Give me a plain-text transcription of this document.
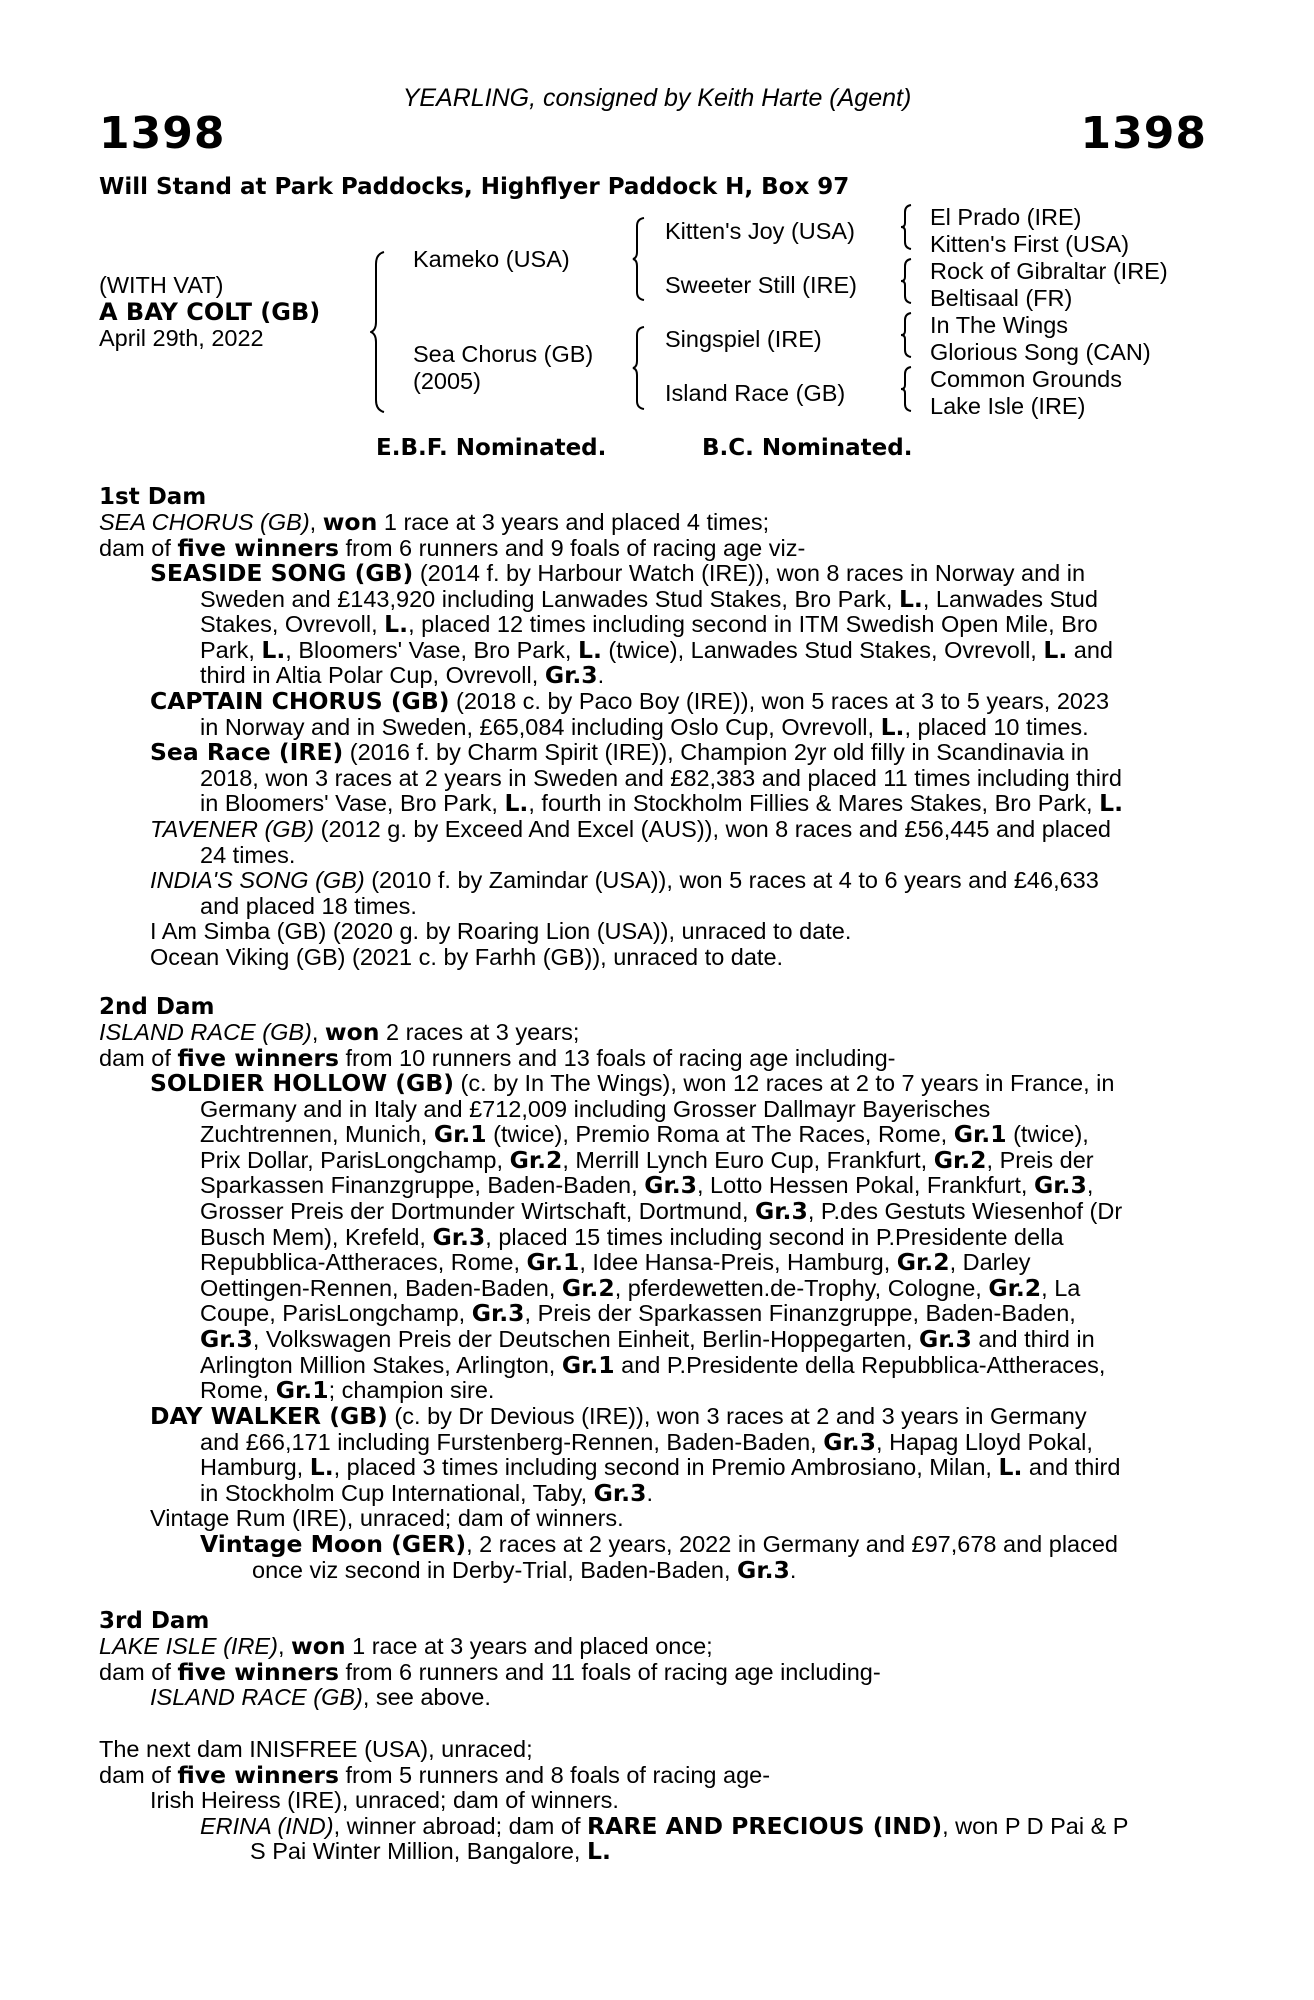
YEARLING, consigned by Keith Harte (Agent)
1398	1398
Will Stand at Park Paddocks, Highflyer Paddock H, Box 97
(WITH VAT)
A BAY COLT (GB)
April 29th, 2022
Kameko (USA)
Sea Chorus (GB)
(2005)
Kitten's Joy (USA)
Sweeter Still (IRE)
Singspiel (IRE)
Island Race (GB)
El Prado (IRE)
Kitten's First (USA)
Rock of Gibraltar (IRE)
Beltisaal (FR)
In The Wings
Glorious Song (CAN)
Common Grounds
Lake Isle (IRE)
E.B.F. Nominated.	B.C. Nominated.
1st Dam
SEA CHORUS (GB), won 1 race at 3 years and placed 4 times;
dam of five winners from 6 runners and 9 foals of racing age viz-
SEASIDE SONG (GB) (2014 f. by Harbour Watch (IRE)), won 8 races in Norway and in
Sweden and £143,920 including Lanwades Stud Stakes, Bro Park, L., Lanwades Stud
Stakes, Ovrevoll, L., placed 12 times including second in ITM Swedish Open Mile, Bro
Park, L., Bloomers' Vase, Bro Park, L. (twice), Lanwades Stud Stakes, Ovrevoll, L. and
third in Altia Polar Cup, Ovrevoll, Gr.3.
CAPTAIN CHORUS (GB) (2018 c. by Paco Boy (IRE)), won 5 races at 3 to 5 years, 2023
in Norway and in Sweden, £65,084 including Oslo Cup, Ovrevoll, L., placed 10 times.
Sea Race (IRE) (2016 f. by Charm Spirit (IRE)), Champion 2yr old filly in Scandinavia in
2018, won 3 races at 2 years in Sweden and £82,383 and placed 11 times including third
in Bloomers' Vase, Bro Park, L., fourth in Stockholm Fillies & Mares Stakes, Bro Park, L.
TAVENER (GB) (2012 g. by Exceed And Excel (AUS)), won 8 races and £56,445 and placed
24 times.
INDIA'S SONG (GB) (2010 f. by Zamindar (USA)), won 5 races at 4 to 6 years and £46,633
and placed 18 times.
I Am Simba (GB) (2020 g. by Roaring Lion (USA)), unraced to date.
Ocean Viking (GB) (2021 c. by Farhh (GB)), unraced to date.
2nd Dam
ISLAND RACE (GB), won 2 races at 3 years;
dam of five winners from 10 runners and 13 foals of racing age including-
SOLDIER HOLLOW (GB) (c. by In The Wings), won 12 races at 2 to 7 years in France, in
Germany and in Italy and £712,009 including Grosser Dallmayr Bayerisches
Zuchtrennen, Munich, Gr.1 (twice), Premio Roma at The Races, Rome, Gr.1 (twice),
Prix Dollar, ParisLongchamp, Gr.2, Merrill Lynch Euro Cup, Frankfurt, Gr.2, Preis der
Sparkassen Finanzgruppe, Baden-Baden, Gr.3, Lotto Hessen Pokal, Frankfurt, Gr.3,
Grosser Preis der Dortmunder Wirtschaft, Dortmund, Gr.3, P.des Gestuts Wiesenhof (Dr
Busch Mem), Krefeld, Gr.3, placed 15 times including second in P.Presidente della
Repubblica-Attheraces, Rome, Gr.1, Idee Hansa-Preis, Hamburg, Gr.2, Darley
Oettingen-Rennen, Baden-Baden, Gr.2, pferdewetten.de-Trophy, Cologne, Gr.2, La
Coupe, ParisLongchamp, Gr.3, Preis der Sparkassen Finanzgruppe, Baden-Baden,
Gr.3, Volkswagen Preis der Deutschen Einheit, Berlin-Hoppegarten, Gr.3 and third in
Arlington Million Stakes, Arlington, Gr.1 and P.Presidente della Repubblica-Attheraces,
Rome, Gr.1; champion sire.
DAY WALKER (GB) (c. by Dr Devious (IRE)), won 3 races at 2 and 3 years in Germany
and £66,171 including Furstenberg-Rennen, Baden-Baden, Gr.3, Hapag Lloyd Pokal,
Hamburg, L., placed 3 times including second in Premio Ambrosiano, Milan, L. and third
in Stockholm Cup International, Taby, Gr.3.
Vintage Rum (IRE), unraced; dam of winners.
Vintage Moon (GER), 2 races at 2 years, 2022 in Germany and £97,678 and placed
once viz second in Derby-Trial, Baden-Baden, Gr.3.
3rd Dam
LAKE ISLE (IRE), won 1 race at 3 years and placed once;
dam of five winners from 6 runners and 11 foals of racing age including-
ISLAND RACE (GB), see above.
The next dam INISFREE (USA), unraced;
dam of five winners from 5 runners and 8 foals of racing age-
Irish Heiress (IRE), unraced; dam of winners.
ERINA (IND), winner abroad; dam of RARE AND PRECIOUS (IND), won P D Pai & P
S Pai Winter Million, Bangalore, L.
